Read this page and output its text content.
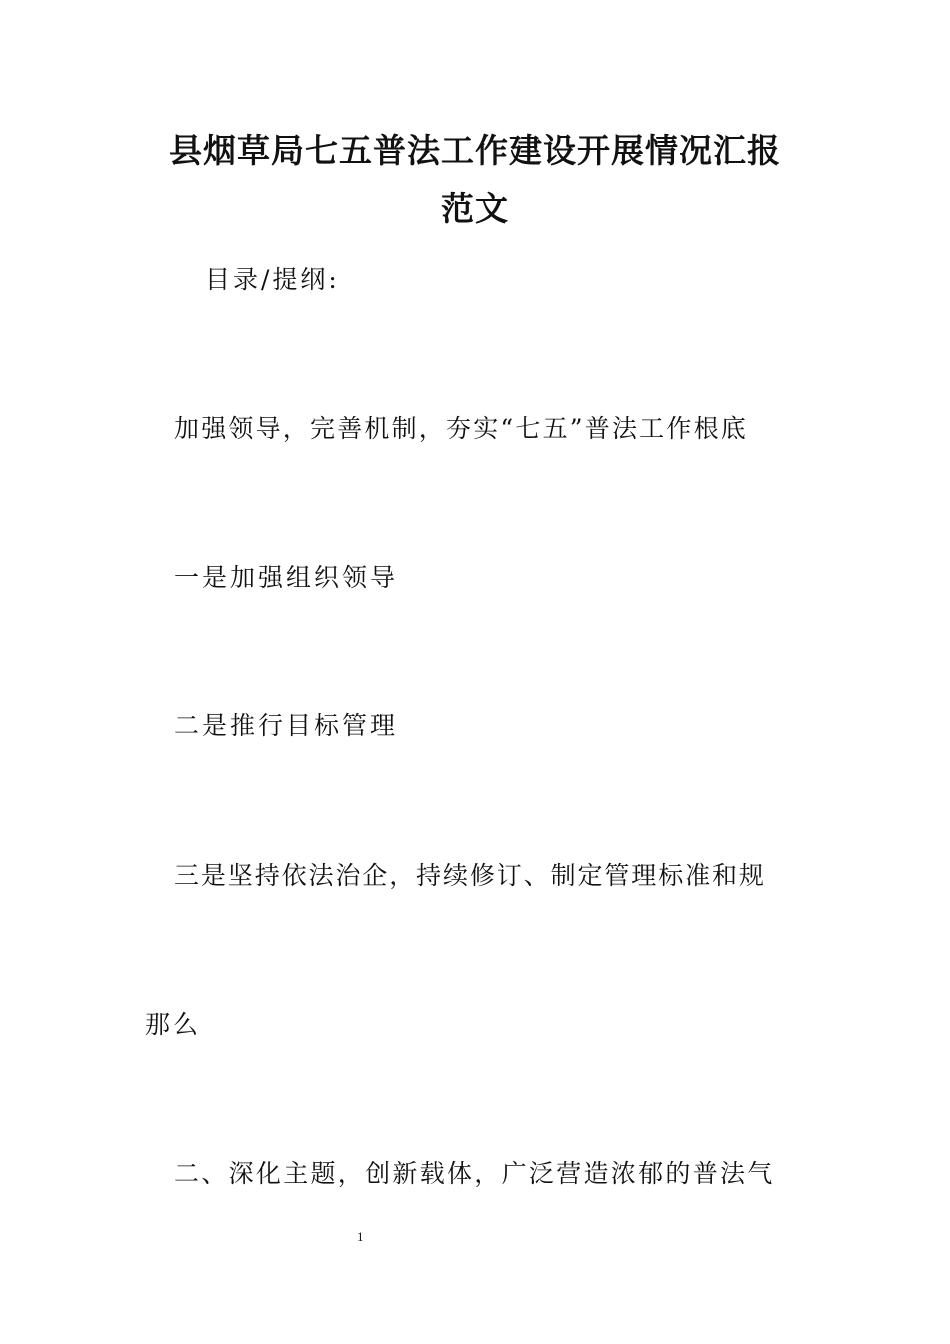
县烟草局七五普法工作建设开展情况汇报
范文

目录/提纲:

加强领导，完善机制，夯实“七五”普法工作根底

一是加强组织领导

二是推行目标管理

三是坚持依法治企，持续修订、制定管理标准和规

那么

二、深化主题，创新载体，广泛营造浓郁的普法气

1
